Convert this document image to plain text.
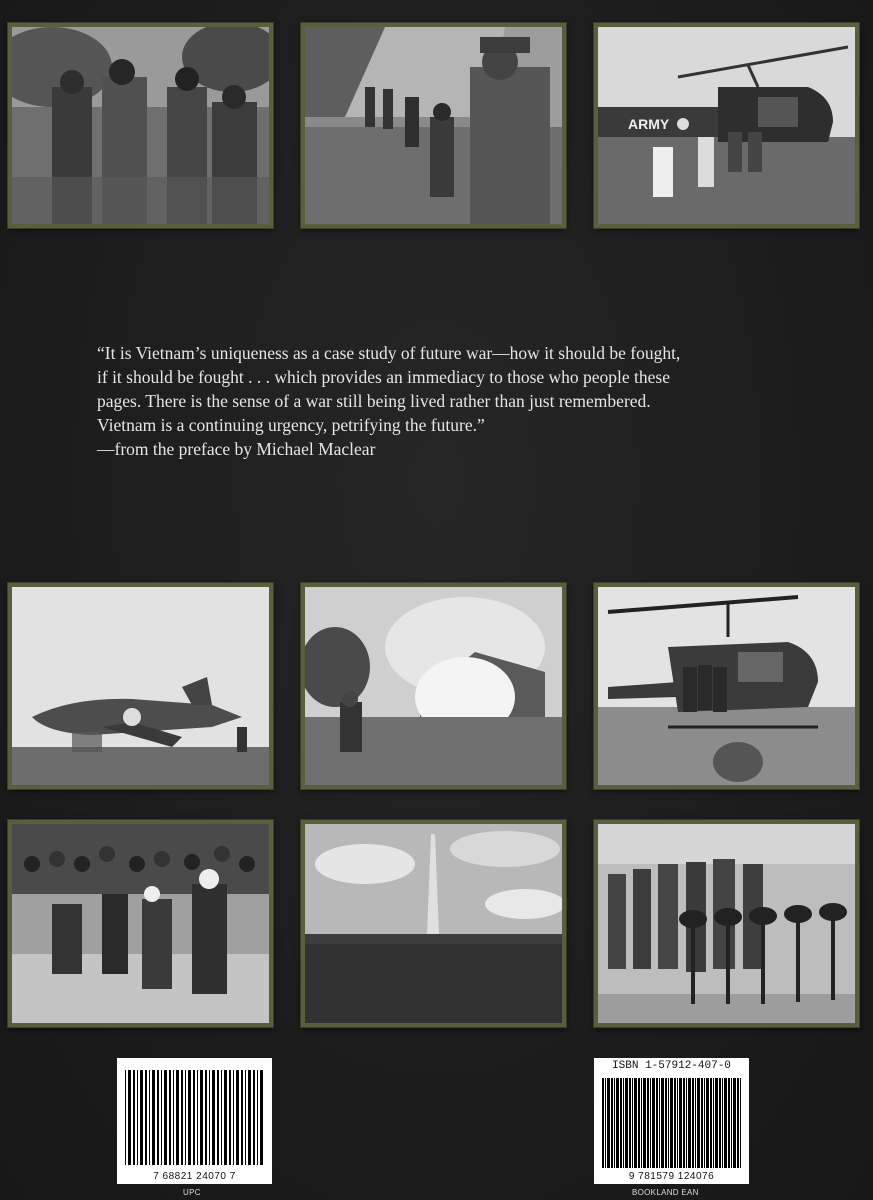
ARMY
“It is Vietnam’s uniqueness as a case study of future war—how it should be fought,
if it should be fought . . . which provides an immediacy to those who people these
pages. There is the sense of a war still being lived rather than just remembered.
Vietnam is a continuing urgency, petrifying the future.”
—from the preface by Michael Maclear
7 68821 24070 7
UPC
ISBN 1-57912-407-0
9 781579 124076
BOOKLAND EAN
